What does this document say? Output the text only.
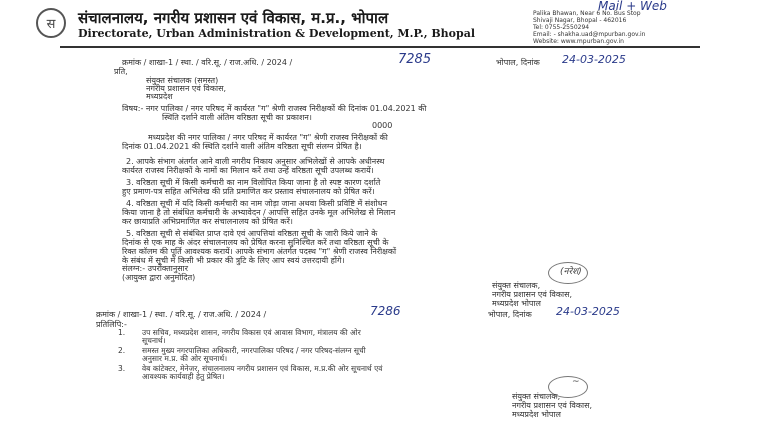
स	संचालनालय, नगरीय प्रशासन एवं विकास, म.प्र., भोपाल
Directorate, Urban Administration & Development, M.P., Bhopal
Palika Bhawan, Near 6 No. Bus Stop
Shivaji Nagar, Bhopal - 462016
Tel: 0755-2550294
Email: - shakha.uad@mpurban.gov.in
Website: www.mpurban.gov.in
Mail + Web
क्रमांक / शाखा-1 / स्था. / वरि.सू. / राज.अधि. / 2024 /	7285	भोपाल, दिनांक 24-03-2025
प्रति,
संयुक्त संचालक (समस्त)
नगरीय प्रशासन एवं विकास,
मध्यप्रदेश
विषय:- नगर पालिका / नगर परिषद में कार्यरत "ग" श्रेणी राजस्व निरीक्षकों की दिनांक 01.04.2021 की
स्थिति दर्शाने वाली अंतिम वरिष्ठता सूची का प्रकाशन।
0000
मध्यप्रदेश की नगर पालिका / नगर परिषद में कार्यरत "ग" श्रेणी राजस्व निरीक्षकों की
दिनांक 01.04.2021 की स्थिति दर्शाने वाली अंतिम वरिष्ठता सूची संलग्न प्रेषित है।
2. आपके संभाग अंतर्गत आने वाली नगरीय निकाय अनुसार अभिलेखों से आपके अधीनस्थ
कार्यरत राजस्व निरीक्षकों के नामों का मिलान करें तथा उन्हें वरिष्ठता सूची उपलब्ध करायें।
3. वरिष्ठता सूची में किसी कर्मचारी का नाम विलोपित किया जाना है तो स्पष्ट कारण दर्शाते
हुए प्रमाण-पत्र सहित अभिलेख की प्रति प्रमाणित कर प्रस्ताव संचालनालय को प्रेषित करें।
4. वरिष्ठता सूची में यदि किसी कर्मचारी का नाम जोड़ा जाना अथवा किसी प्रविष्टि में संशोधन
किया जाना है तो संबंधित कर्मचारी के अभ्यावेदन / आपत्ति सहित उनके मूल अभिलेख से मिलान
कर छायाप्रति अभिप्रमाणित कर संचालनालय को प्रेषित करें।
5. वरिष्ठता सूची से संबंधित प्राप्त दावे एवं आपत्तियां वरिष्ठता सूची के जारी किये जाने के
दिनांक से एक माह के अंदर संचालनालय को प्रेषित करना सुनिश्चित करें तथा वरिष्ठता सूची के
रिक्त कॉलम की पूर्ति आवश्यक करायें। आपके संभाग अंतर्गत पदस्थ "ग" श्रेणी राजस्व निरीक्षकों
के संबंध में सूची में किसी भी प्रकार की त्रुटि के लिए आप स्वयं उत्तरदायी होंगे।
संलग्न:- उपरोक्तानुसार
(आयुक्त द्वारा अनुमोदित)
(नरेश)
संयुक्त संचालक,
नगरीय प्रशासन एवं विकास,
मध्यप्रदेश भोपाल
क्रमांक / शाखा-1 / स्था. / वरि.सू. / राज.अधि. / 2024 /	7286	भोपाल, दिनांक 24-03-2025
प्रतिलिपि:-
1. उप सचिव, मध्यप्रदेश शासन, नगरीय विकास एवं आवास विभाग, मंत्रालय की ओर
सूचनार्थ।
2. समस्त मुख्य नगरपालिका अधिकारी, नगरपालिका परिषद / नगर परिषद-संलग्न सूची
अनुसार म.प्र. की ओर सूचनार्थ।
3. वेब कांटेक्टर, मेनेजर, संचालनालय नगरीय प्रशासन एवं विकास, म.प्र.की ओर सूचनार्थ एवं
आवश्यक कार्यवाही हेतु प्रेषित।
~
संयुक्त संचालक,
नगरीय प्रशासन एवं विकास,
मध्यप्रदेश भोपाल
